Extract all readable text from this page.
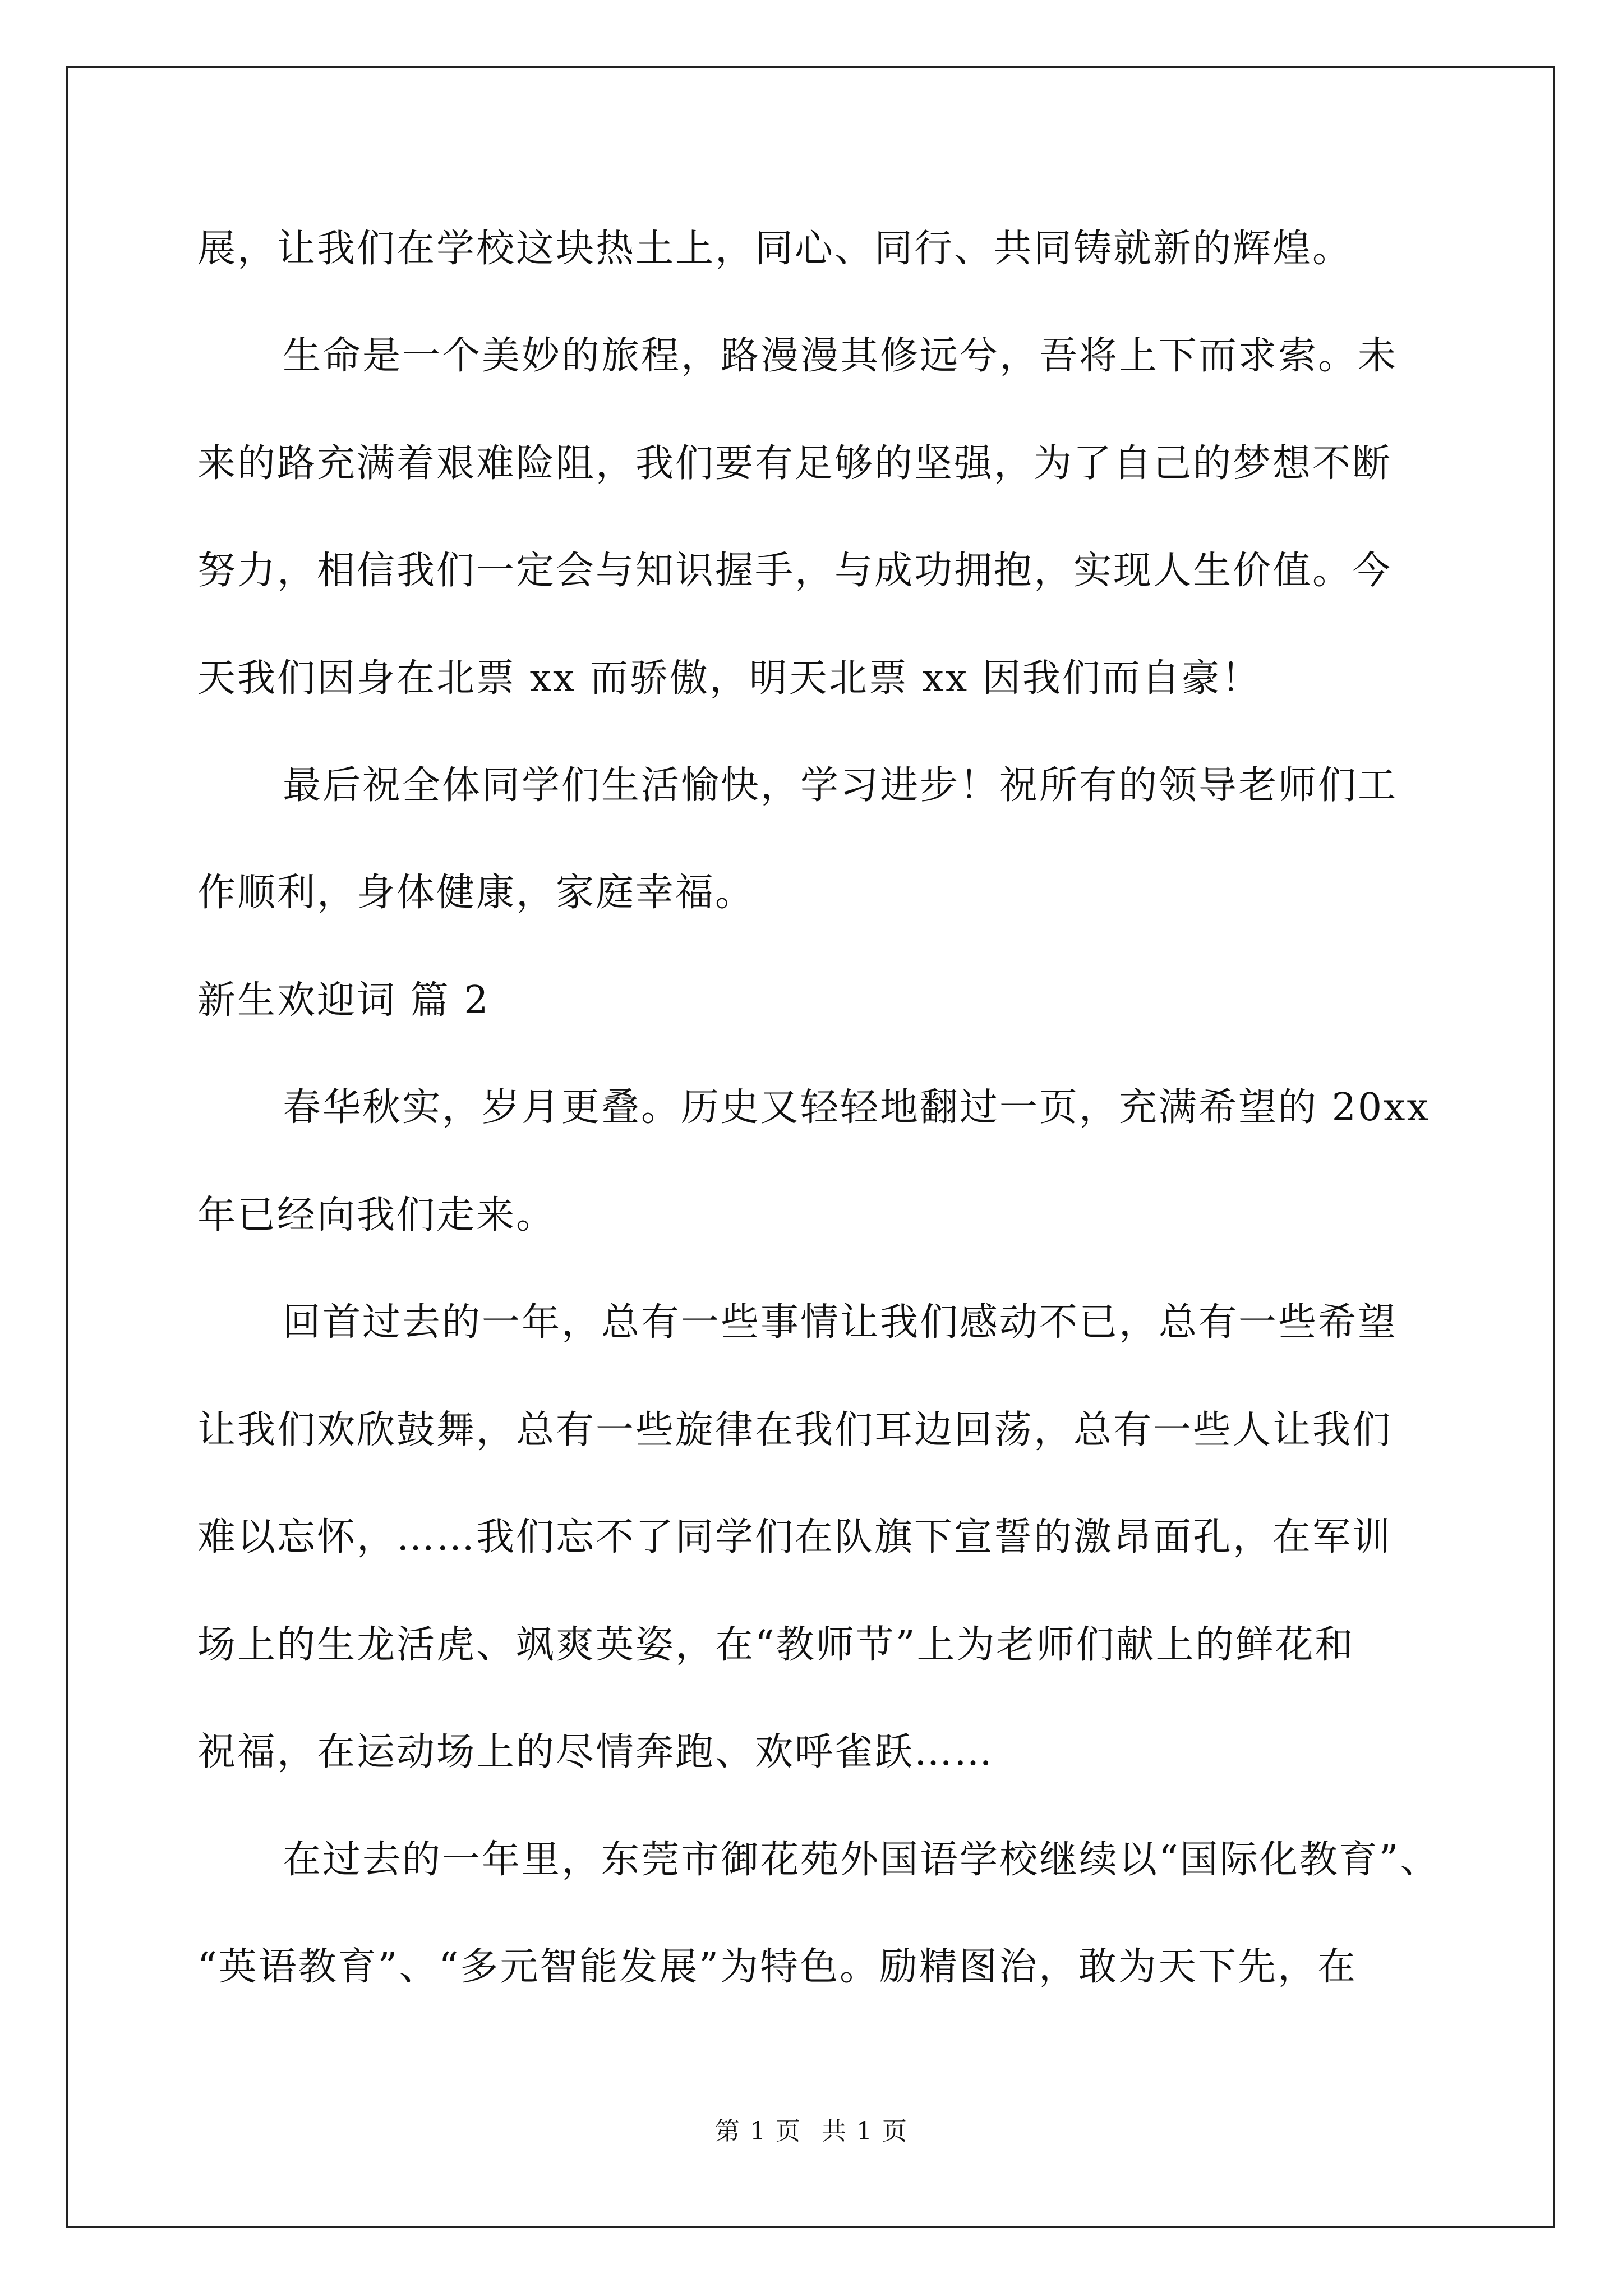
展，让我们在学校这块热土上，同心、同行、共同铸就新的辉煌。
生命是一个美妙的旅程，路漫漫其修远兮，吾将上下而求索。未
来的路充满着艰难险阻，我们要有足够的坚强，为了自己的梦想不断
努力，相信我们一定会与知识握手，与成功拥抱，实现人生价值。今
天我们因身在北票 xx 而骄傲，明天北票 xx 因我们而自豪！
最后祝全体同学们生活愉快，学习进步！祝所有的领导老师们工
作顺利，身体健康，家庭幸福。
新生欢迎词 篇 2
春华秋实，岁月更叠。历史又轻轻地翻过一页，充满希望的 20xx
年已经向我们走来。
回首过去的一年，总有一些事情让我们感动不已，总有一些希望
让我们欢欣鼓舞，总有一些旋律在我们耳边回荡，总有一些人让我们
难以忘怀，……我们忘不了同学们在队旗下宣誓的激昂面孔，在军训
场上的生龙活虎、飒爽英姿，在“教师节”上为老师们献上的鲜花和
祝福，在运动场上的尽情奔跑、欢呼雀跃……
在过去的一年里，东莞市御花苑外国语学校继续以“国际化教育”、
“英语教育”、“多元智能发展”为特色。励精图治，敢为天下先，在
第 1 页 共 1 页
